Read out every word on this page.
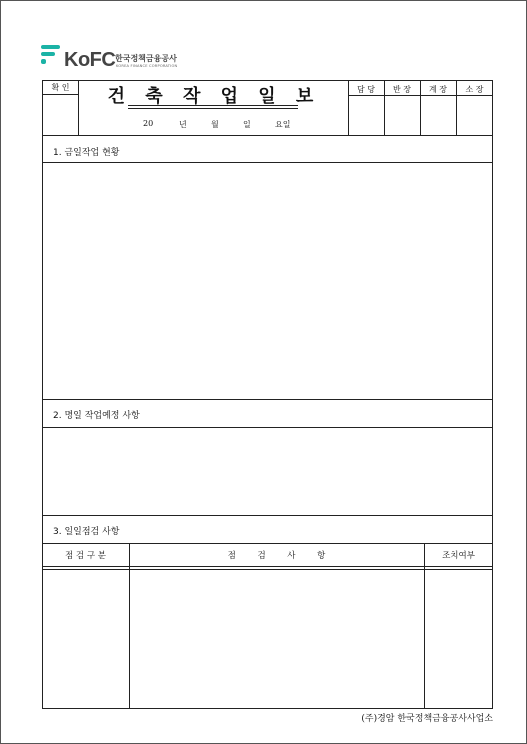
KoFC 한국정책금융공사
KOREA FINANCE CORPORATION
확 인	건 축 작 업 일 보
20	년	월	일	요일
담 당	반 장	계 장	소 장
1. 금일작업 현황
2. 명일 작업예정 사항
3. 일일점검 사항
점 검 구 분	점        검        사        항	조치여부
(주)경암 한국정책금융공사사업소
